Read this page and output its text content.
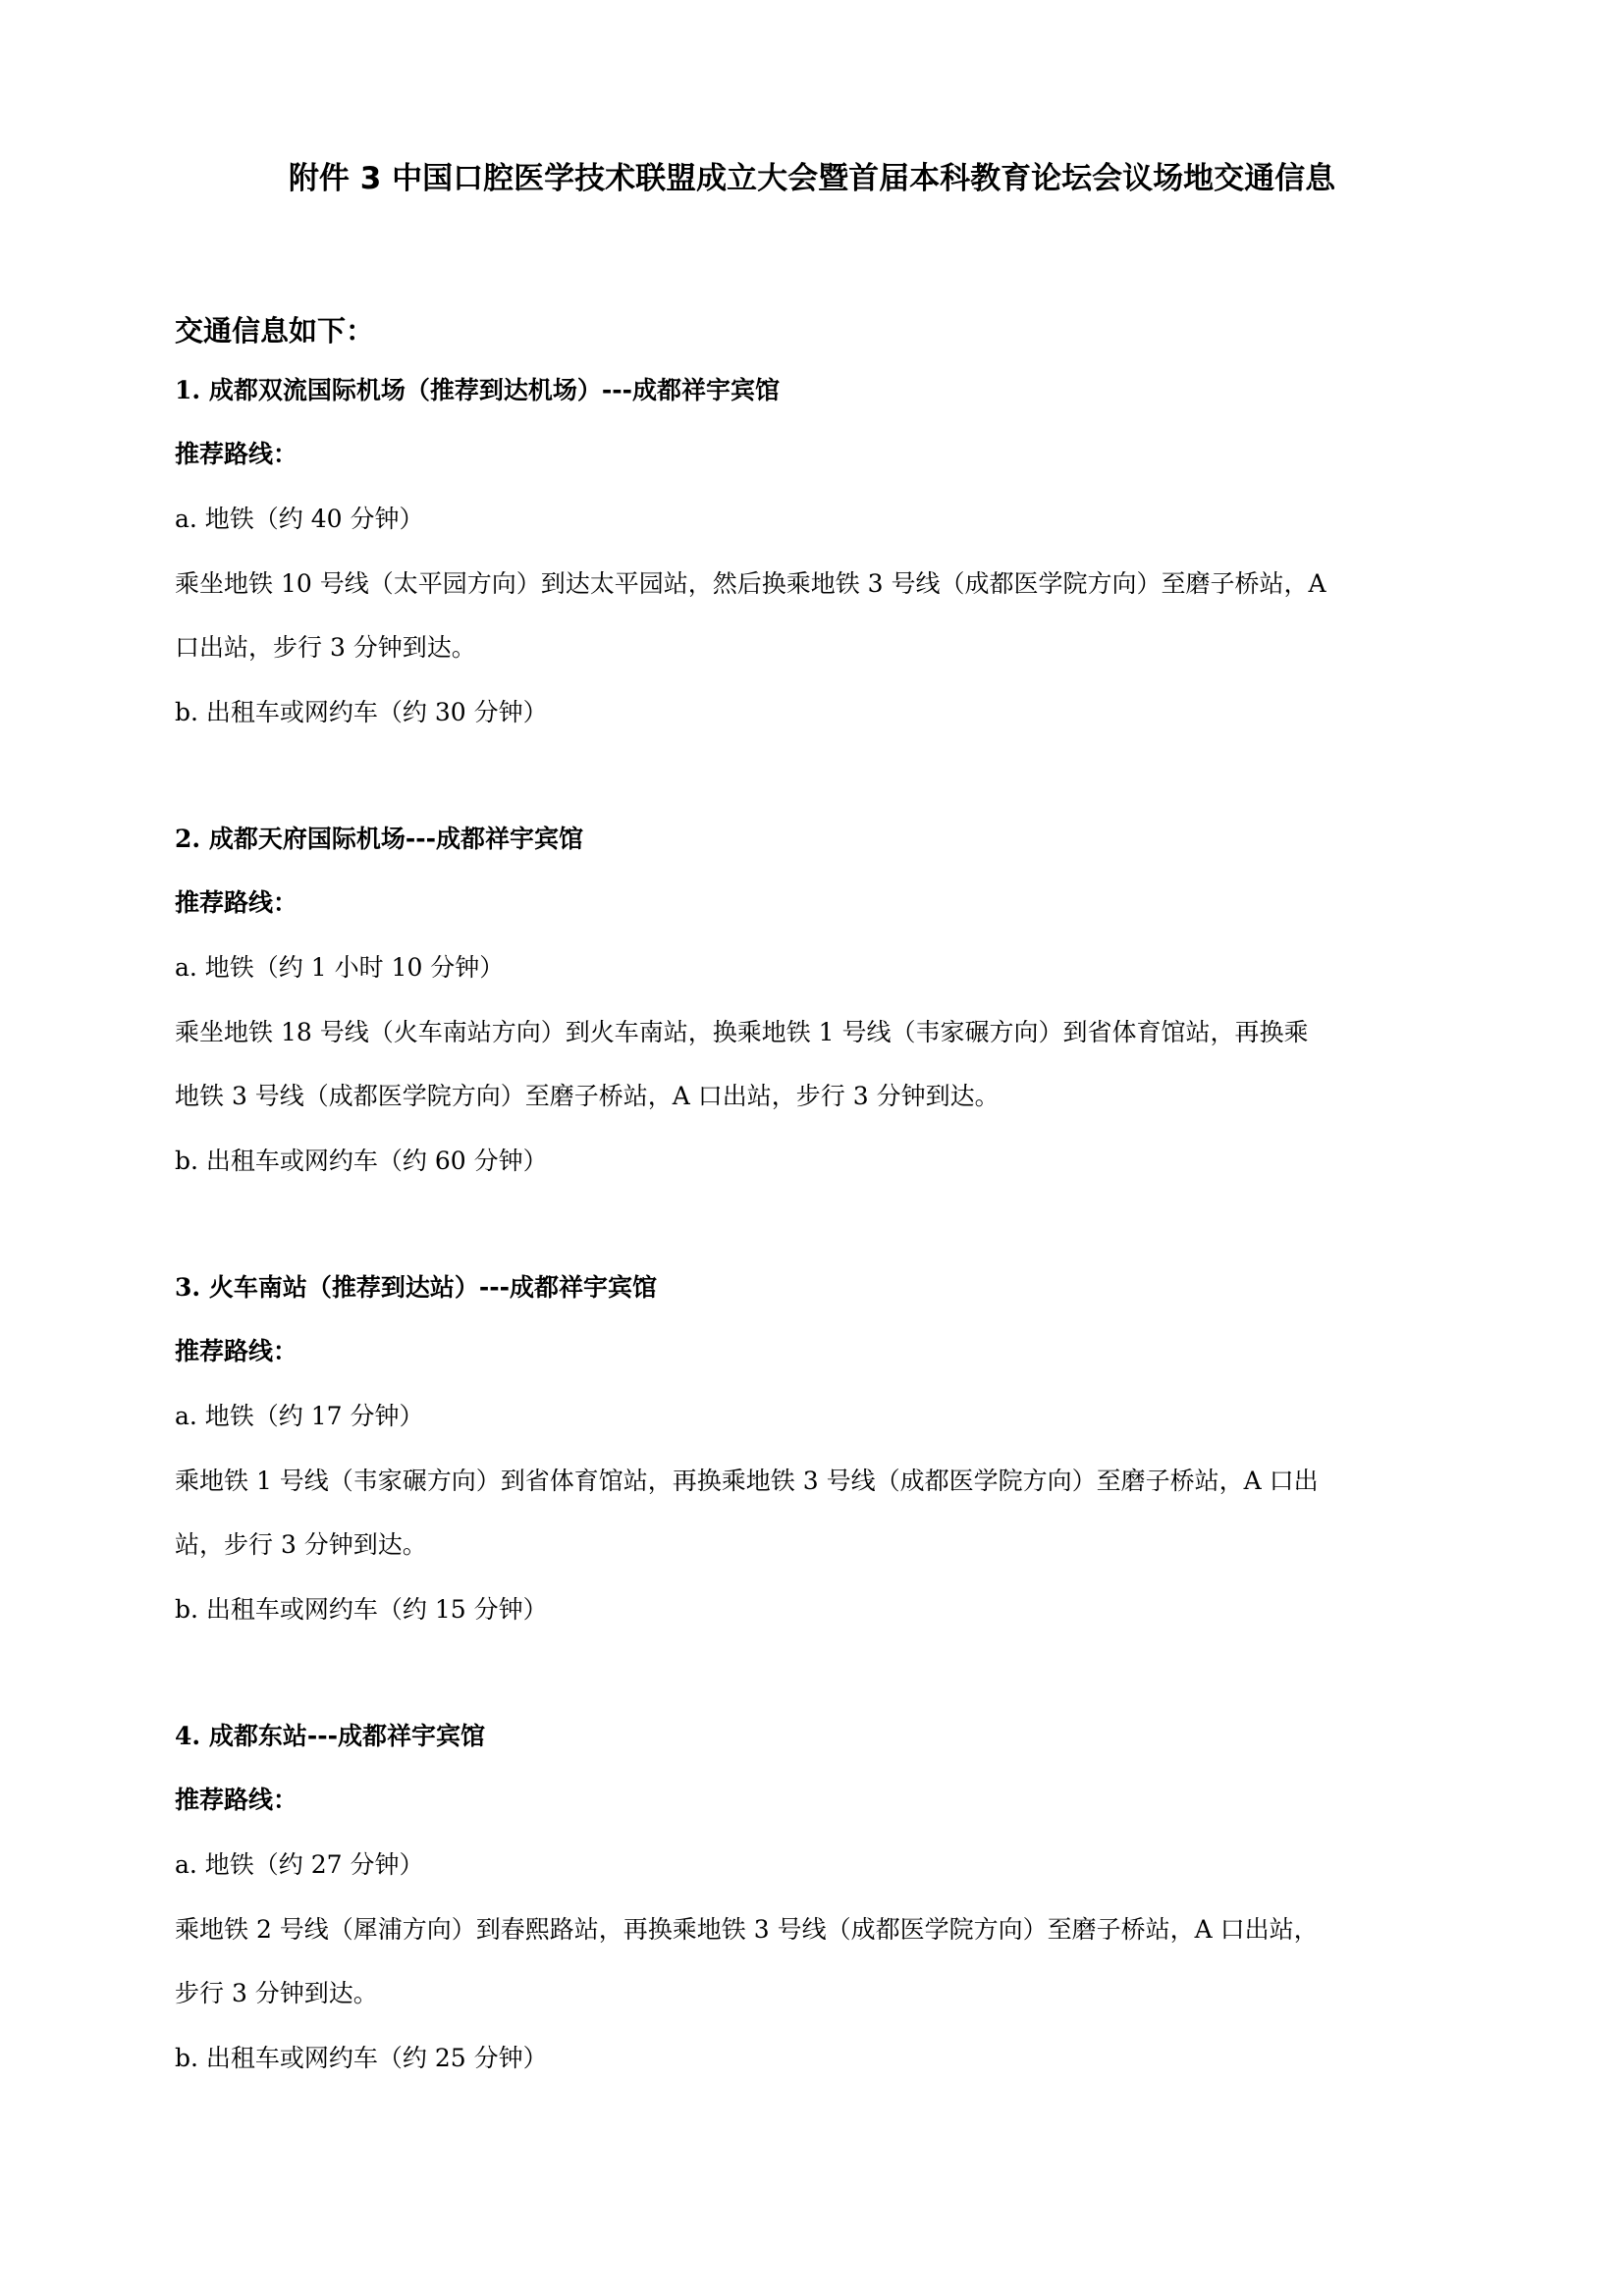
附件 3 中国口腔医学技术联盟成立大会暨首届本科教育论坛会议场地交通信息

交通信息如下：

1. 成都双流国际机场（推荐到达机场）---成都祥宇宾馆

推荐路线：

a. 地铁（约 40 分钟）

乘坐地铁 10 号线（太平园方向）到达太平园站，然后换乘地铁 3 号线（成都医学院方向）至磨子桥站，A

口出站，步行 3 分钟到达。

b. 出租车或网约车（约 30 分钟）

2. 成都天府国际机场---成都祥宇宾馆

推荐路线：

a. 地铁（约 1 小时 10 分钟）

乘坐地铁 18 号线（火车南站方向）到火车南站，换乘地铁 1 号线（韦家碾方向）到省体育馆站，再换乘

地铁 3 号线（成都医学院方向）至磨子桥站，A 口出站，步行 3 分钟到达。

b. 出租车或网约车（约 60 分钟）

3. 火车南站（推荐到达站）---成都祥宇宾馆

推荐路线：

a. 地铁（约 17 分钟）

乘地铁 1 号线（韦家碾方向）到省体育馆站，再换乘地铁 3 号线（成都医学院方向）至磨子桥站，A 口出

站，步行 3 分钟到达。

b. 出租车或网约车（约 15 分钟）

4. 成都东站---成都祥宇宾馆

推荐路线：

a. 地铁（约 27 分钟）

乘地铁 2 号线（犀浦方向）到春熙路站，再换乘地铁 3 号线（成都医学院方向）至磨子桥站，A 口出站，

步行 3 分钟到达。

b. 出租车或网约车（约 25 分钟）
